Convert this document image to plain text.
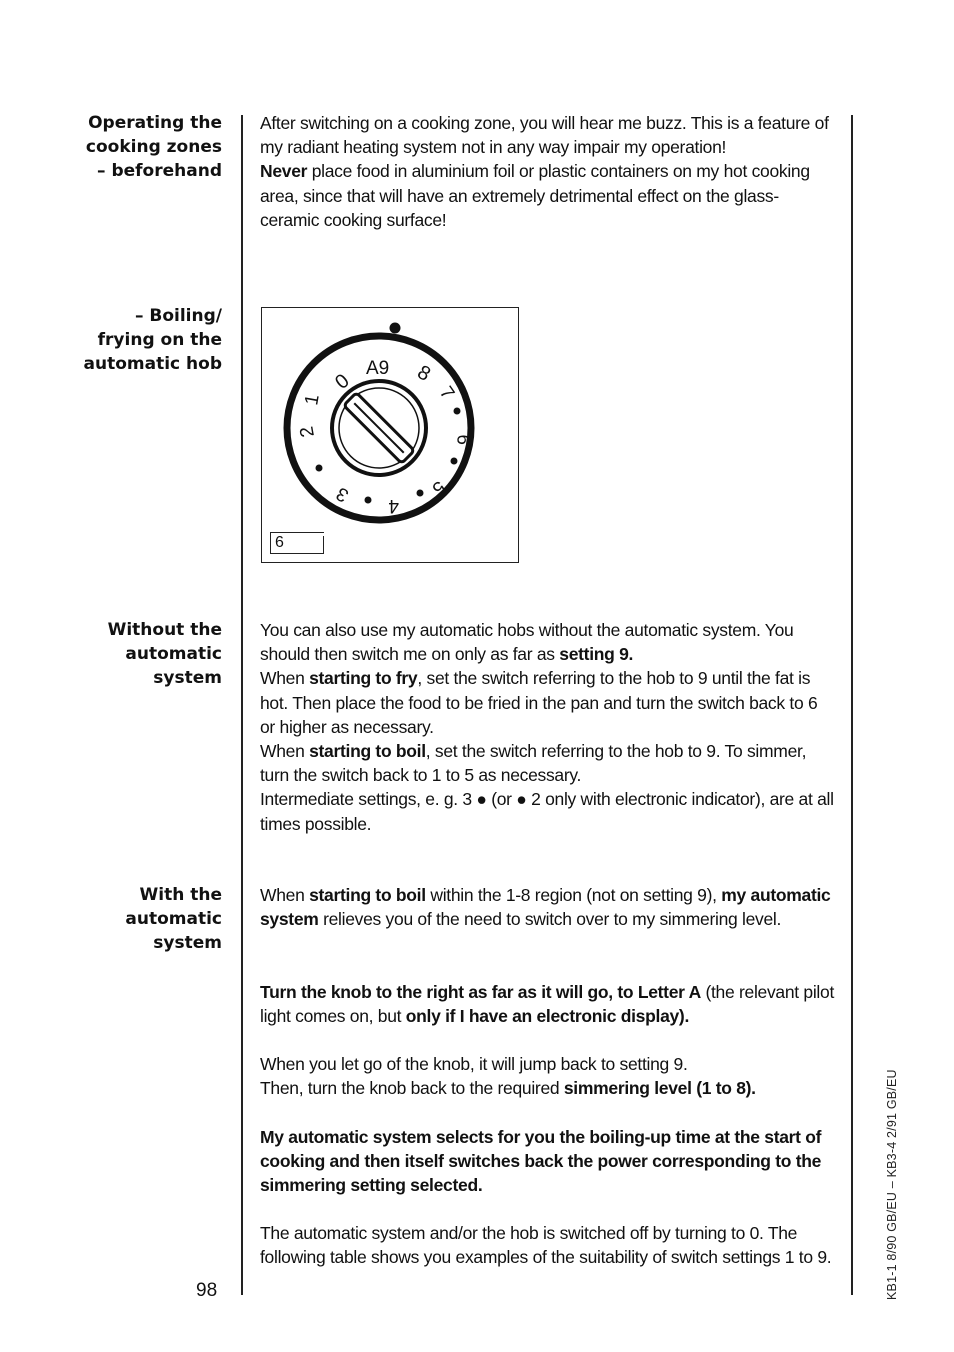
Operating the
cooking zones
– beforehand

After switching on a cooking zone, you will hear me buzz. This is a feature of my radiant heating system not in any way impair my operation!

Never place food in aluminium foil or plastic containers on my hot cooking area, since that will have an extremely detrimental effect on the glass-ceramic cooking surface!

– Boiling/
frying on the
automatic hob
0
A9 8
7
6
5
4
3
2
1
6
Without the
automatic
system

You can also use my automatic hobs without the automatic system. You should then switch me on only as far as setting 9.

When starting to fry, set the switch referring to the hob to 9 until the fat is hot. Then place the food to be fried in the pan and turn the switch back to 6 or higher as necessary.

When starting to boil, set the switch referring to the hob to 9. To simmer, turn the switch back to 1 to 5 as necessary.

Intermediate settings, e. g. 3 ● (or ● 2 only with electronic indicator), are at all times possible.

With the
automatic
system

When starting to boil within the 1-8 region (not on setting 9), my automatic system relieves you of the need to switch over to my simmering level.

Turn the knob to the right as far as it will go, to Letter A (the relevant pilot light comes on, but only if I have an electronic display).

When you let go of the knob, it will jump back to setting 9.

Then, turn the knob back to the required simmering level (1 to 8).

My automatic system selects for you the boiling-up time at the start of cooking and then itself switches back the power corresponding to the simmering setting selected.

The automatic system and/or the hob is switched off by turning to 0. The following table shows you examples of the suitability of switch settings 1 to 9.

98	KB1-1 8/90 GB/EU – KB3-4 2/91 GB/EU
